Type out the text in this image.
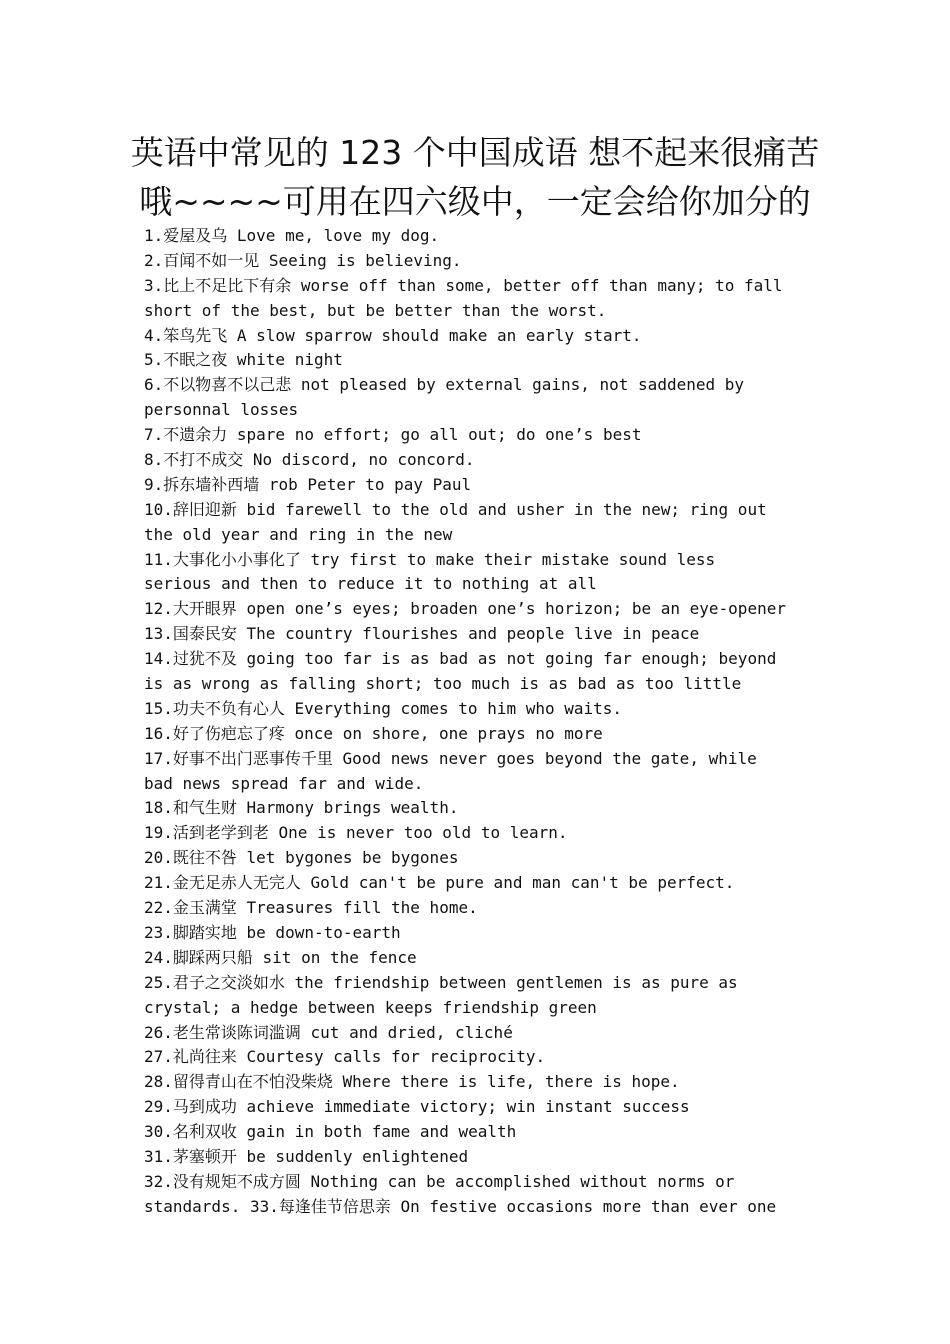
英语中常见的 123 个中国成语 想不起来很痛苦
哦~~~~可用在四六级中，一定会给你加分的
1.爱屋及乌 Love me, love my dog.
2.百闻不如一见 Seeing is believing.
3.比上不足比下有余 worse off than some, better off than many; to fall
short of the best, but be better than the worst.
4.笨鸟先飞 A slow sparrow should make an early start.
5.不眠之夜 white night
6.不以物喜不以己悲 not pleased by external gains, not saddened by
personnal losses
7.不遗余力 spare no effort; go all out; do one’s best
8.不打不成交 No discord, no concord.
9.拆东墙补西墙 rob Peter to pay Paul
10.辞旧迎新 bid farewell to the old and usher in the new; ring out
the old year and ring in the new
11.大事化小小事化了 try first to make their mistake sound less
serious and then to reduce it to nothing at all
12.大开眼界 open one’s eyes; broaden one’s horizon; be an eye-opener
13.国泰民安 The country flourishes and people live in peace
14.过犹不及 going too far is as bad as not going far enough; beyond
is as wrong as falling short; too much is as bad as too little
15.功夫不负有心人 Everything comes to him who waits.
16.好了伤疤忘了疼 once on shore, one prays no more
17.好事不出门恶事传千里 Good news never goes beyond the gate, while
bad news spread far and wide.
18.和气生财 Harmony brings wealth.
19.活到老学到老 One is never too old to learn.
20.既往不咎 let bygones be bygones
21.金无足赤人无完人 Gold can't be pure and man can't be perfect.
22.金玉满堂 Treasures fill the home.
23.脚踏实地 be down-to-earth
24.脚踩两只船 sit on the fence
25.君子之交淡如水 the friendship between gentlemen is as pure as
crystal; a hedge between keeps friendship green
26.老生常谈陈词滥调 cut and dried, cliché
27.礼尚往来 Courtesy calls for reciprocity.
28.留得青山在不怕没柴烧 Where there is life, there is hope.
29.马到成功 achieve immediate victory; win instant success
30.名利双收 gain in both fame and wealth
31.茅塞顿开 be suddenly enlightened
32.没有规矩不成方圆 Nothing can be accomplished without norms or
standards. 33.每逢佳节倍思亲 On festive occasions more than ever one
